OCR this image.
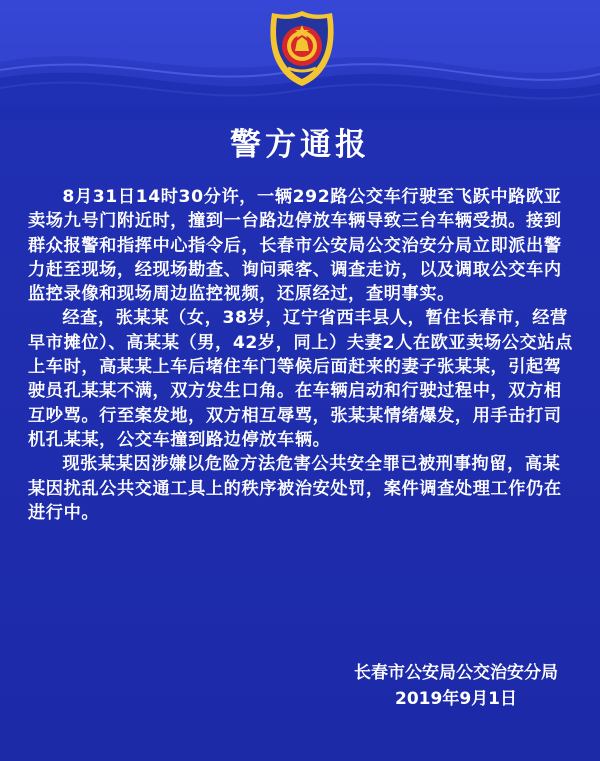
警方通报

8月31日14时30分许，一辆292路公交车行驶至飞跃中路欧亚卖场九号门附近时，撞到一台路边停放车辆导致三台车辆受损。接到群众报警和指挥中心指令后，长春市公安局公交治安分局立即派出警力赶至现场，经现场勘查、询问乘客、调查走访，以及调取公交车内监控录像和现场周边监控视频，还原经过，查明事实。

经查，张某某（女，38岁，辽宁省西丰县人，暂住长春市，经营早市摊位）、高某某（男，42岁，同上）夫妻2人在欧亚卖场公交站点上车时，高某某上车后堵住车门等候后面赶来的妻子张某某，引起驾驶员孔某某不满，双方发生口角。在车辆启动和行驶过程中，双方相互吵骂。行至案发地，双方相互辱骂，张某某情绪爆发，用手击打司机孔某某，公交车撞到路边停放车辆。

现张某某因涉嫌以危险方法危害公共安全罪已被刑事拘留，高某某因扰乱公共交通工具上的秩序被治安处罚，案件调查处理工作仍在进行中。

长春市公安局公交治安分局
2019年9月1日
